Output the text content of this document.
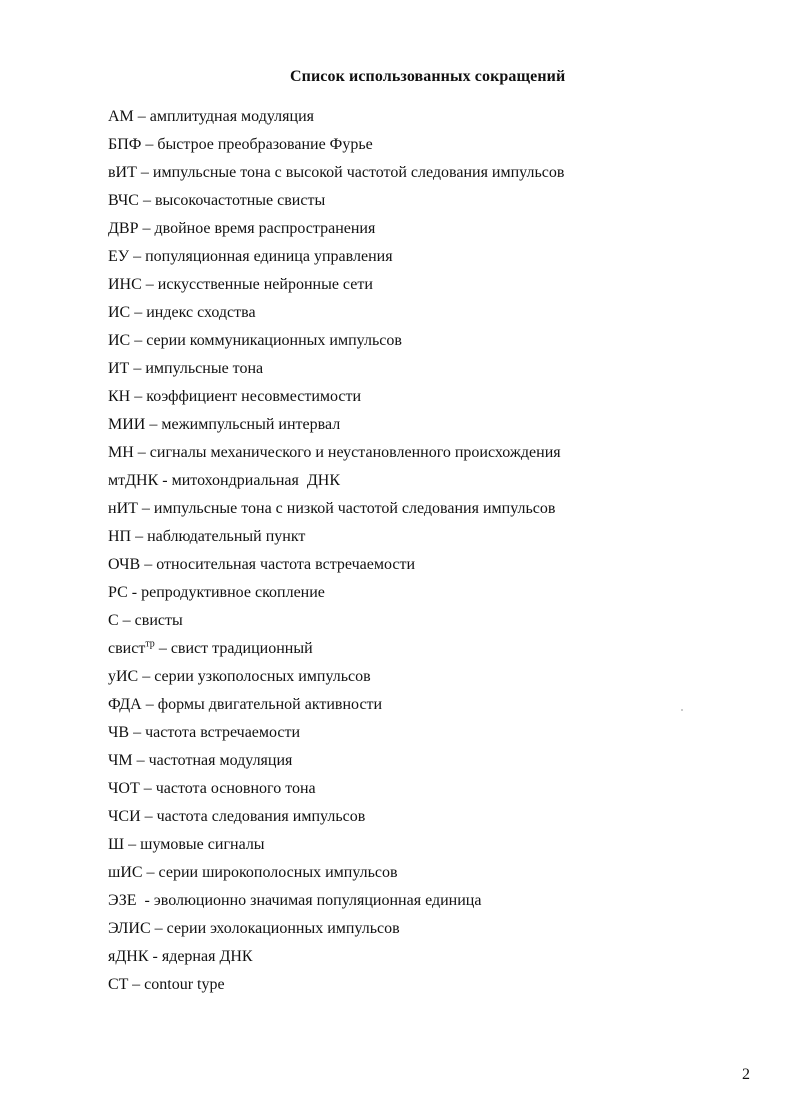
Список использованных сокращений
АМ – амплитудная модуляция
БПФ – быстрое преобразование Фурье
вИТ – импульсные тона с высокой частотой следования импульсов
ВЧС – высокочастотные свисты
ДВР – двойное время распространения
ЕУ – популяционная единица управления
ИНС – искусственные нейронные сети
ИС – индекс сходства
ИС – серии коммуникационных импульсов
ИТ – импульсные тона
КН – коэффициент несовместимости
МИИ – межимпульсный интервал
МН – сигналы механического и неустановленного происхождения
мтДНК - митохондриальная  ДНК
нИТ – импульсные тона с низкой частотой следования импульсов
НП – наблюдательный пункт
ОЧВ – относительная частота встречаемости
РС - репродуктивное скопление
С – свисты
свист$^{тр}$ – свист традиционный
уИС – серии узкополосных импульсов
ФДА – формы двигательной активности
ЧВ – частота встречаемости
ЧМ – частотная модуляция
ЧОТ – частота основного тона
ЧСИ – частота следования импульсов
Ш – шумовые сигналы
шИС – серии широкополосных импульсов
ЭЗЕ  - эволюционно значимая популяционная единица
ЭЛИС – серии эхолокационных импульсов
яДНК - ядерная ДНК
CT – contour type
2
